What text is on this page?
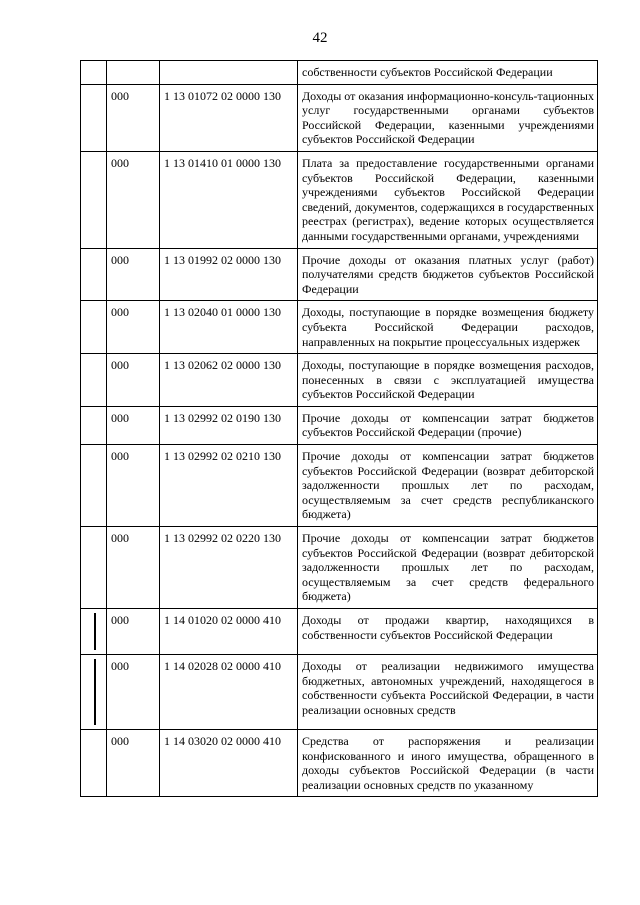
42
			собственности субъектов Российской Федерации
	000	1 13 01072 02 0000 130	Доходы от оказания информационно-консуль-тационных услуг государственными органами субъектов Российской Федерации, казенными учреждениями субъектов Российской Федерации
	000	1 13 01410 01 0000 130	Плата за предоставление государственными органами субъектов Российской Федерации, казенными учреждениями субъектов Российской Федерации сведений, документов, содержащихся в государственных реестрах (регистрах), ведение которых осуществляется данными государственными органами, учреждениями
	000	1 13 01992 02 0000 130	Прочие доходы от оказания платных услуг (работ) получателями средств бюджетов субъектов Российской Федерации
	000	1 13 02040 01 0000 130	Доходы, поступающие в порядке возмещения бюджету субъекта Российской Федерации расходов, направленных на покрытие процессуальных издержек
	000	1 13 02062 02 0000 130	Доходы, поступающие в порядке возмещения расходов, понесенных в связи с эксплуатацией имущества субъектов Российской Федерации
	000	1 13 02992 02 0190 130	Прочие доходы от компенсации затрат бюджетов субъектов Российской Федерации (прочие)
	000	1 13 02992 02 0210 130	Прочие доходы от компенсации затрат бюджетов субъектов Российской Федерации (возврат дебиторской задолженности прошлых лет по расходам, осуществляемым за счет средств республиканского бюджета)
	000	1 13 02992 02 0220 130	Прочие доходы от компенсации затрат бюджетов субъектов Российской Федерации (возврат дебиторской задолженности прошлых лет по расходам, осуществляемым за счет средств федерального бюджета)

	000	1 14 01020 02 0000 410	Доходы от продажи квартир, находящихся в собственности субъектов Российской Федерации

	000	1 14 02028 02 0000 410	Доходы от реализации недвижимого имущества бюджетных, автономных учреждений, находящегося в собственности субъекта Российской Федерации, в части реализации основных средств
	000	1 14 03020 02 0000 410	Средства от распоряжения и реализации конфискованного и иного имущества, обращенного в доходы субъектов Российской Федерации (в части реализации основных средств по указанному
